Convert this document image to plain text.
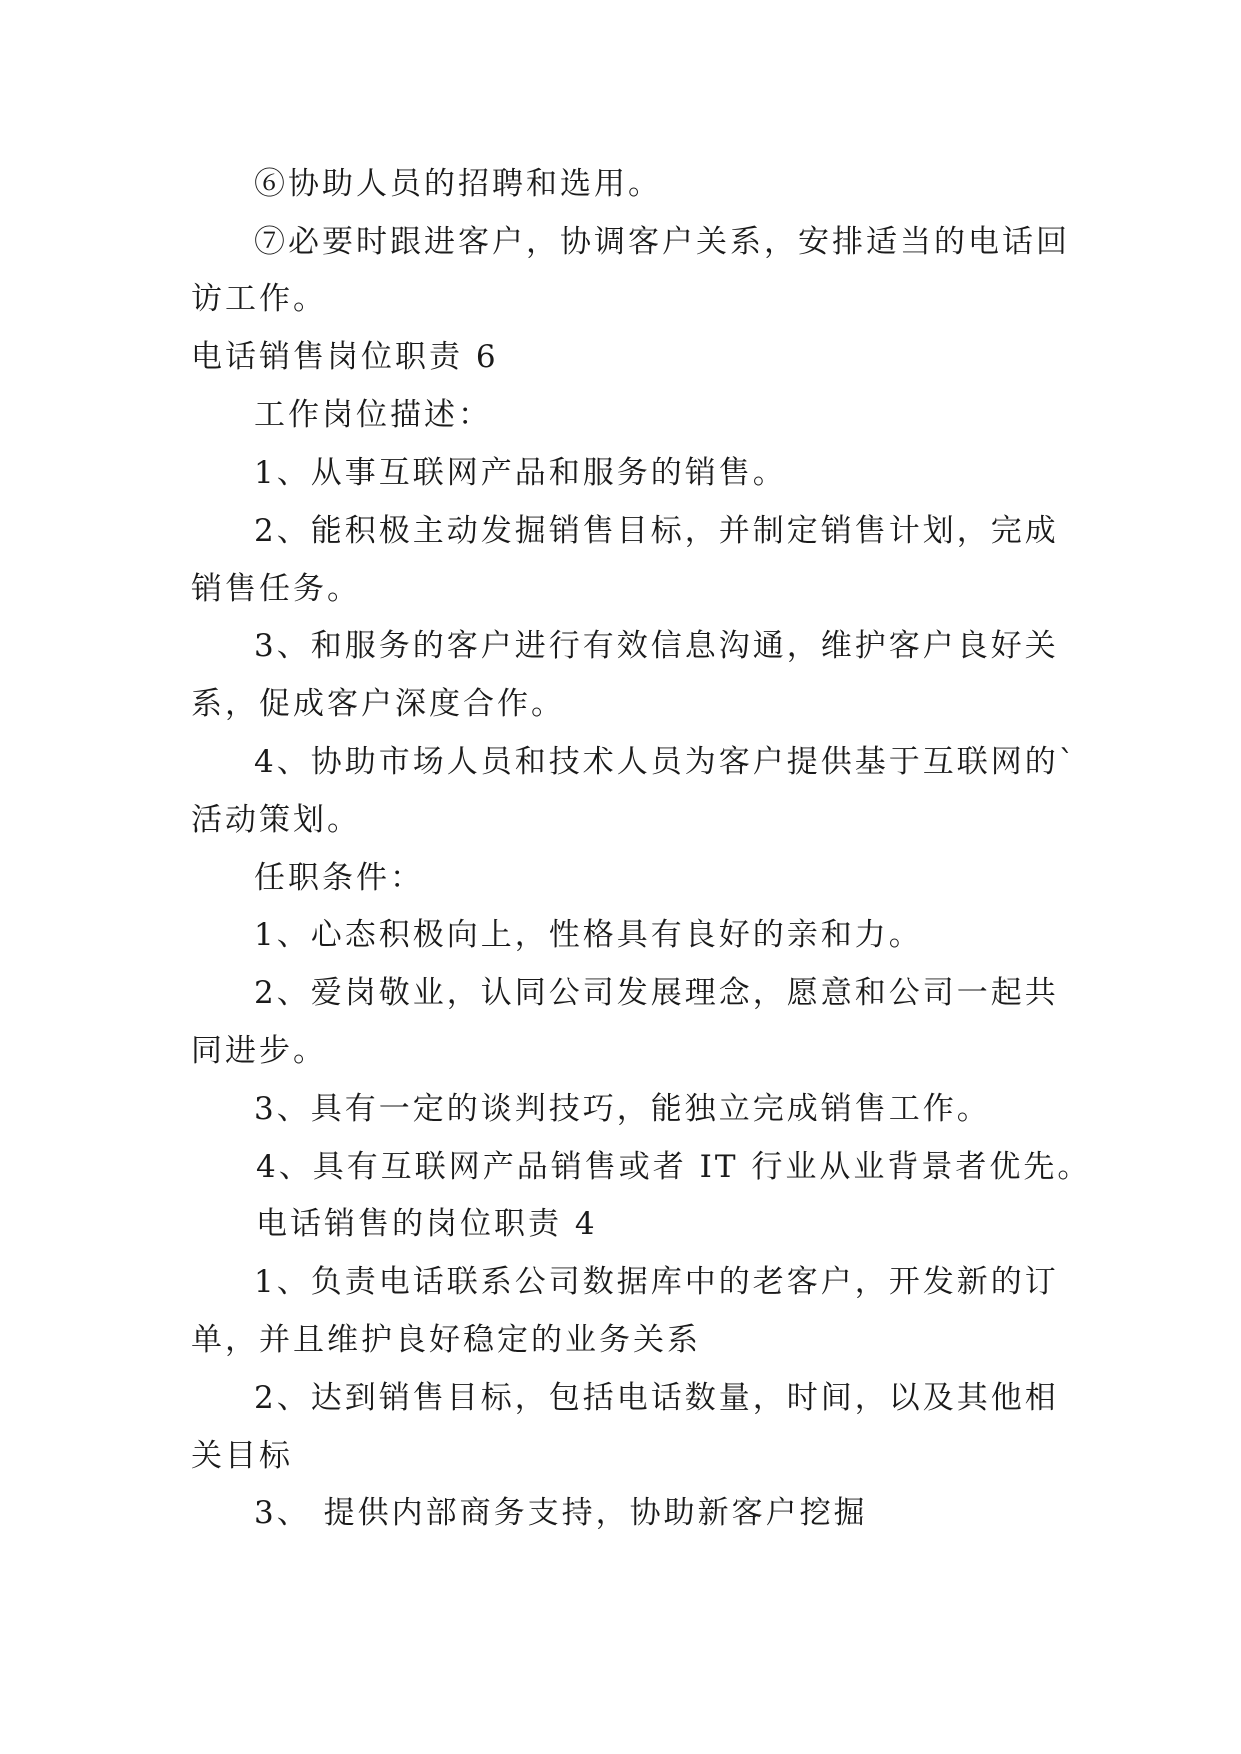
⑥协助人员的招聘和选用。
⑦必要时跟进客户，协调客户关系，安排适当的电话回
访工作。
电话销售岗位职责 6
工作岗位描述：
1、从事互联网产品和服务的销售。
2、能积极主动发掘销售目标，并制定销售计划，完成
销售任务。
3、和服务的客户进行有效信息沟通，维护客户良好关
系，促成客户深度合作。
4、协助市场人员和技术人员为客户提供基于互联网的`
活动策划。
任职条件：
1、心态积极向上，性格具有良好的亲和力。
2、爱岗敬业，认同公司发展理念，愿意和公司一起共
同进步。
3、具有一定的谈判技巧，能独立完成销售工作。
4、具有互联网产品销售或者 IT 行业从业背景者优先。
电话销售的岗位职责 4
1、负责电话联系公司数据库中的老客户，开发新的订
单，并且维护良好稳定的业务关系
2、达到销售目标，包括电话数量，时间，以及其他相
关目标
3、 提供内部商务支持，协助新客户挖掘
